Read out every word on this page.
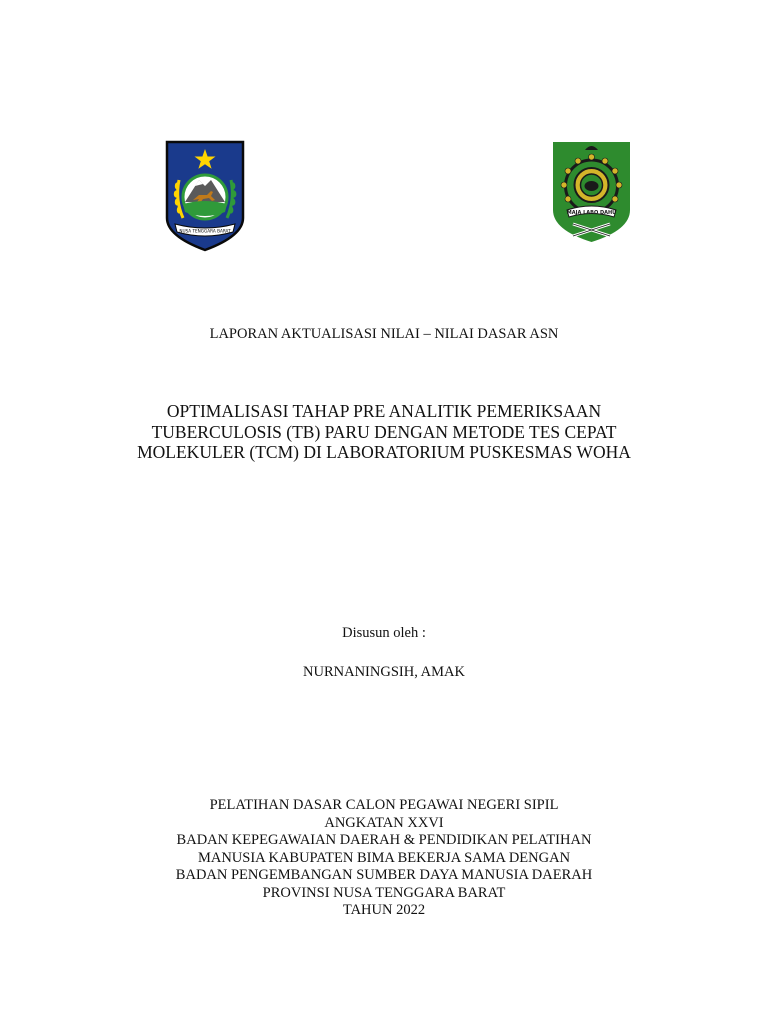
NUSA TENGGARA BARAT
MAJA LABO DAHU
LAPORAN AKTUALISASI NILAI – NILAI DASAR ASN
OPTIMALISASI TAHAP PRE ANALITIK PEMERIKSAAN
TUBERCULOSIS (TB) PARU DENGAN METODE TES CEPAT
MOLEKULER (TCM) DI LABORATORIUM PUSKESMAS WOHA
Disusun oleh :
NURNANINGSIH, AMAK
PELATIHAN DASAR CALON PEGAWAI NEGERI SIPIL
ANGKATAN XXVI
BADAN KEPEGAWAIAN DAERAH & PENDIDIKAN PELATIHAN
MANUSIA KABUPATEN BIMA BEKERJA SAMA DENGAN
BADAN PENGEMBANGAN SUMBER DAYA MANUSIA DAERAH
PROVINSI NUSA TENGGARA BARAT
TAHUN 2022
